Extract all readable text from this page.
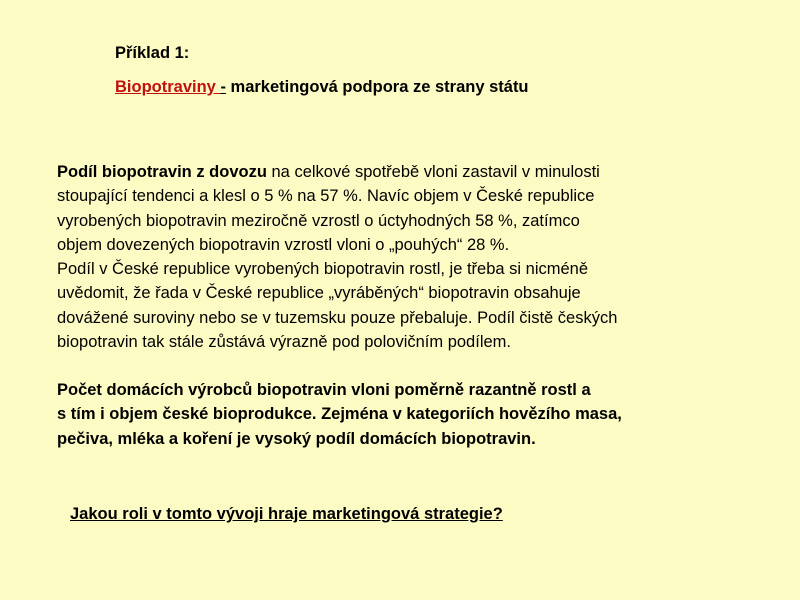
Příklad 1:

Biopotraviny - marketingová podpora ze strany státu

Podíl biopotravin z dovozu na celkové spotřebě vloni zastavil v minulosti
stoupající tendenci a klesl o 5 % na 57 %. Navíc objem v České republice
vyrobených biopotravin meziročně vzrostl o úctyhodných 58 %, zatímco
objem dovezených biopotravin vzrostl vloni o „pouhých“ 28 %.
Podíl v České republice vyrobených biopotravin rostl, je třeba si nicméně
uvědomit, že řada v České republice „vyráběných“ biopotravin obsahuje
dovážené suroviny nebo se v tuzemsku pouze přebaluje. Podíl čistě českých
biopotravin tak stále zůstává výrazně pod polovičním podílem.
Počet domácích výrobců biopotravin vloni poměrně razantně rostl a
s tím i objem české bioprodukce. Zejména v kategoriích hovězího masa,
pečiva, mléka a koření je vysoký podíl domácích biopotravin.

Jakou roli v tomto vývoji hraje marketingová strategie?
